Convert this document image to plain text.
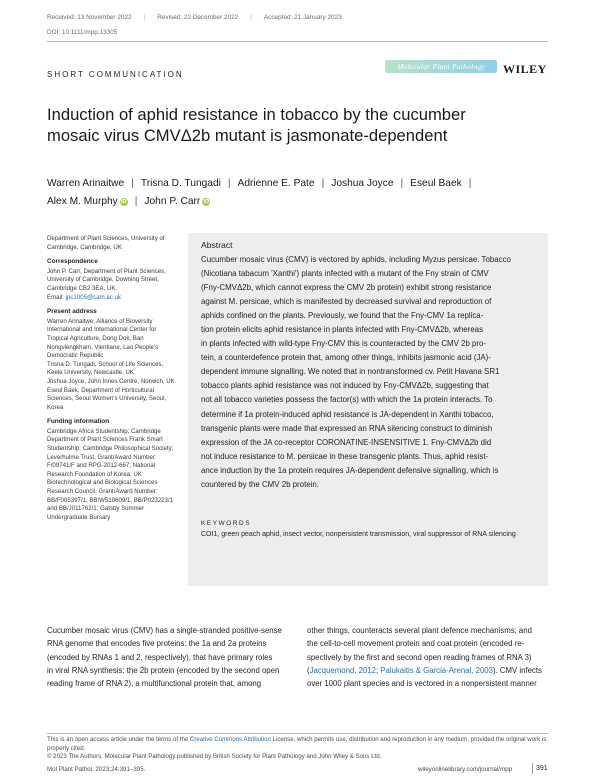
Received: 13 November 2022 | Revised: 22 December 2022 | Accepted: 21 January 2023
DOI: 10.1111/mpp.13305
SHORT COMMUNICATION
Molecular Plant Pathology	WILEY
Induction of aphid resistance in tobacco by the cucumber
mosaic virus CMVΔ2b mutant is jasmonate-dependent
Warren Arinaitwe | Trisna D. Tungadi | Adrienne E. Pate | Joshua Joyce | Eseul Baek |
Alex M. Murphy iD | John P. Carr iD

Department of Plant Sciences, University of Cambridge, Cambridge, UK

Correspondence

John P. Carr, Department of Plant Sciences, University of Cambridge, Downing Street, Cambridge CB2 3EA, UK.

Email: jpc1005@cam.ac.uk

Present address

Warren Arinaitwe, Alliance of Bioversity International and International Center for Tropical Agriculture, Dong Dok, Ban Nongviengkham, Vientiane, Lao People's Democratic Republic

Trisna D. Tungadi, School of Life Sciences, Keele University, Newcastle, UK

Joshua Joyce, John Innes Centre, Norwich, UK

Eseul Baek, Department of Horticultural Sciences, Seoul Women's University, Seoul, Korea

Funding information

Cambridge Africa Studentship; Cambridge Department of Plant Sciences Frank Smart Studentship; Cambridge Philosophical Society; Leverhulme Trust, Grant/Award Number: F/09741/F and RPG-2012-667; National Research Foundation of Korea; UK Biotechnological and Biological Sciences Research Council, Grant/Award Number: BB/F005397/1, BB/W510609/1, BB/P023223/1 and BB/J011762/1; Gatsby Summer Undergraduate Bursary

Abstract
Cucumber mosaic virus (CMV) is vectored by aphids, including Myzus persicae. Tobacco
(Nicotiana tabacum 'Xanthi') plants infected with a mutant of the Fny strain of CMV
(Fny-CMVΔ2b, which cannot express the CMV 2b protein) exhibit strong resistance
against M. persicae, which is manifested by decreased survival and reproduction of
aphids confined on the plants. Previously, we found that the Fny-CMV 1a replica-
tion protein elicits aphid resistance in plants infected with Fny-CMVΔ2b, whereas
in plants infected with wild-type Fny-CMV this is counteracted by the CMV 2b pro-
tein, a counterdefence protein that, among other things, inhibits jasmonic acid (JA)-
dependent immune signalling. We noted that in nontransformed cv. Petit Havana SR1
tobacco plants aphid resistance was not induced by Fny-CMVΔ2b, suggesting that
not all tobacco varieties possess the factor(s) with which the 1a protein interacts. To
determine if 1a protein-induced aphid resistance is JA-dependent in Xanthi tobacco,
transgenic plants were made that expressed an RNA silencing construct to diminish
expression of the JA co-receptor CORONATINE-INSENSITIVE 1. Fny-CMVΔ2b did
not induce resistance to M. persicae in these transgenic plants. Thus, aphid resist-
ance induction by the 1a protein requires JA-dependent defensive signalling, which is
countered by the CMV 2b protein.
KEYWORDS
COI1, green peach aphid, insect vector, nonpersistent transmission, viral suppressor of RNA silencing
Cucumber mosaic virus (CMV) has a single-stranded positive-sense
RNA genome that encodes five proteins: the 1a and 2a proteins
(encoded by RNAs 1 and 2, respectively), that have primary roles
in viral RNA synthesis; the 2b protein (encoded by the second open
reading frame of RNA 2), a multifunctional protein that, among
other things, counteracts several plant defence mechanisms; and
the cell-to-cell movement protein and coat protein (encoded re-
spectively by the first and second open reading frames of RNA 3)
(Jacquemond, 2012; Palukaitis & Garcia-Arenal, 2003). CMV infects
over 1000 plant species and is vectored in a nonpersistent manner
This is an open access article under the terms of the Creative Commons Attribution License, which permits use, distribution and reproduction in any medium, provided the original work is properly cited.
© 2023 The Authors. Molecular Plant Pathology published by British Society for Plant Pathology and John Wiley & Sons Ltd.
Mol Plant Pathol. 2023;24:391–395.	wileyonlinelibrary.com/journal/mpp	391
